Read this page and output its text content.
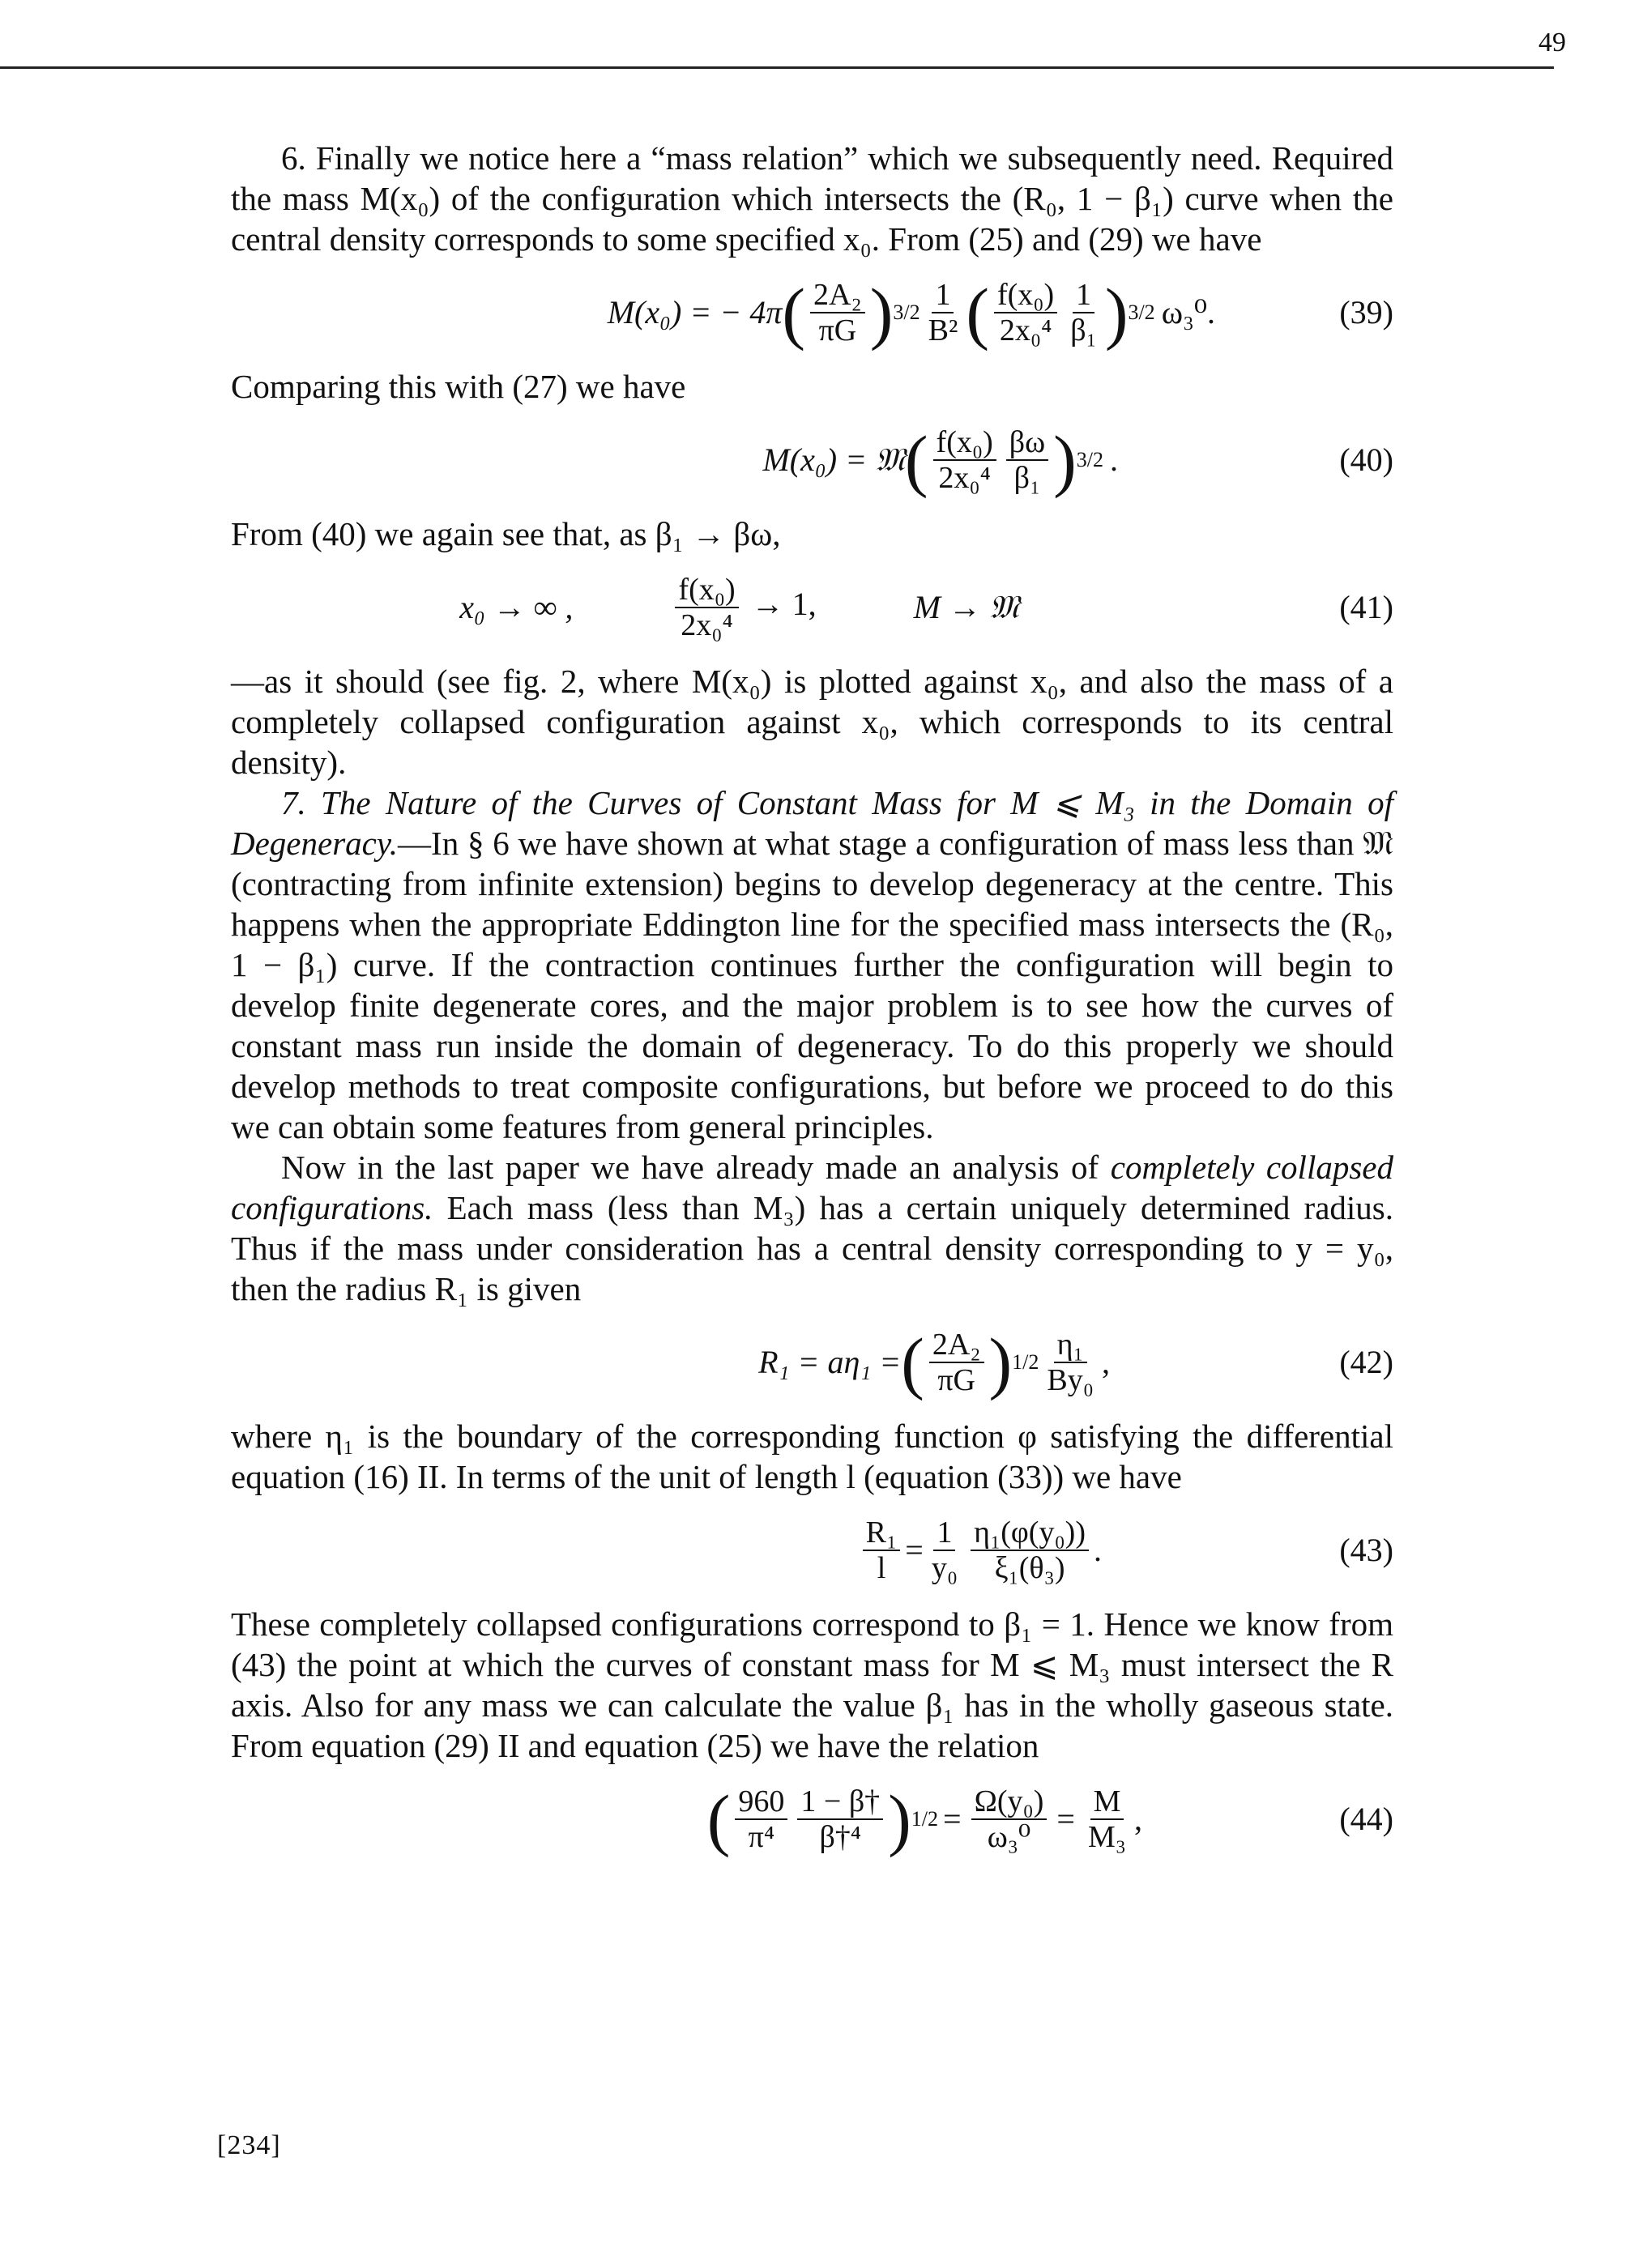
49

6. Finally we notice here a “mass relation” which we subsequently need. Required the mass M(x₀) of the configuration which intersects the (R₀, 1 − β₁) curve when the central density corresponds to some specified x₀. From (25) and (29) we have

M(x₀) = − 4π ( $\frac{\text{2A₂}}{\pi G}$ ) $3/2 \frac{1}{\text{B²}}$ ( $\frac{\text{f(x₀)}}{\text{2x₀⁴}} \frac{1}{\text{β₁}}$ ) 3/2 ω₃⁰.	(39)

Comparing this with (27) we have

M(x₀) = 𝔐 ( $\frac{\text{f(x₀)}}{\text{2x₀⁴}} \frac{\beta\omega}{\text{β₁}}$ ) 3/2 .	(40)

From (40) we again see that, as β₁ → βω,

x₀ → ∞ ,	$\frac{\text{f(x₀)}}{\text{2x₀⁴}} \to 1$,	M → 𝔐	(41)

—as it should (see fig. 2, where M(x₀) is plotted against x₀, and also the mass of a completely collapsed configuration against x₀, which corresponds to its central density).

7. The Nature of the Curves of Constant Mass for M ⩽ M₃ in the Domain of Degeneracy.—In § 6 we have shown at what stage a configuration of mass less than 𝔐 (contracting from infinite extension) begins to develop degeneracy at the centre. This happens when the appropriate Eddington line for the specified mass intersects the (R₀, 1 − β₁) curve. If the contraction continues further the configuration will begin to develop finite degenerate cores, and the major problem is to see how the curves of constant mass run inside the domain of degeneracy. To do this properly we should develop methods to treat composite configurations, but before we proceed to do this we can obtain some features from general principles.

Now in the last paper we have already made an analysis of completely collapsed configurations. Each mass (less than M₃) has a certain uniquely determined radius. Thus if the mass under consideration has a central density corresponding to y = y₀, then the radius R₁ is given

R₁ = aη₁ = ( $\frac{\text{2A₂}}{\pi G}$ ) $1/2 \frac{\text{η₁}}{\text{By₀}}$ ,	(42)

where η₁ is the boundary of the corresponding function φ satisfying the differential equation (16) II. In terms of the unit of length l (equation (33)) we have

$\frac{\text{R₁}}{l} = \frac{1}{\text{y₀}} \frac{\text{η₁(φ(y₀))}}{\text{ξ₁(θ₃)}}$ .	(43)

These completely collapsed configurations correspond to β₁ = 1. Hence we know from (43) the point at which the curves of constant mass for M ⩽ M₃ must intersect the R axis. Also for any mass we can calculate the value β₁ has in the wholly gaseous state. From equation (29) II and equation (25) we have the relation

( $\frac{960}{\text{π⁴}} \frac{1 - \beta\dagger}{\text{β†⁴}}$ ) $1/2 = \frac{\text{Ω(y₀)}}{\text{ω₃⁰}} = \frac{M}{\text{M₃}}$ ,	(44)
[234]
